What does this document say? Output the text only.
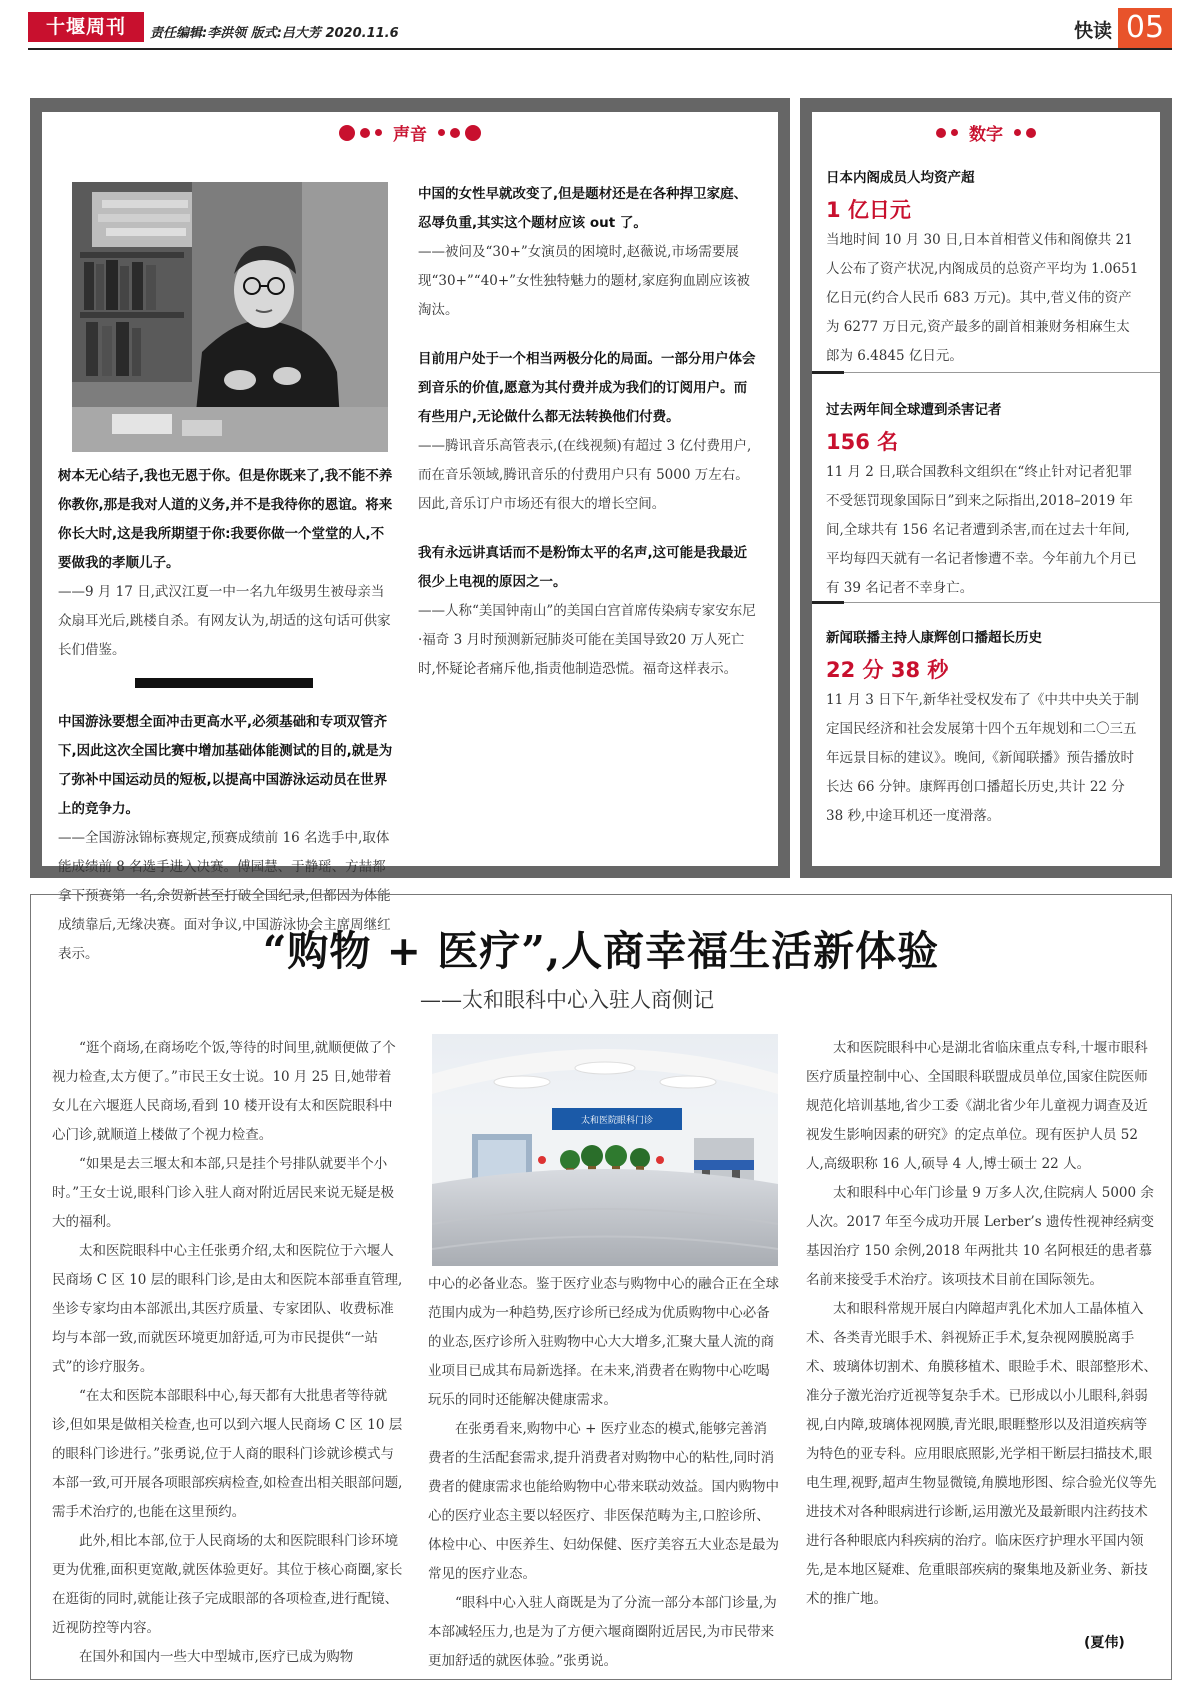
十堰周刊	责任编辑:李洪领 版式:吕大芳 2020.11.6	快读 05
声音

树本无心结子,我也无恩于你。但是你既来了,我不能不养你教你,那是我对人道的义务,并不是我待你的恩谊。将来你长大时,这是我所期望于你:我要你做一个堂堂的人,不要做我的孝顺儿子。

——9 月 17 日,武汉江夏一中一名九年级男生被母亲当众扇耳光后,跳楼自杀。有网友认为,胡适的这句话可供家长们借鉴。

中国游泳要想全面冲击更高水平,必须基础和专项双管齐下,因此这次全国比赛中增加基础体能测试的目的,就是为了弥补中国运动员的短板,以提高中国游泳运动员在世界上的竞争力。

——全国游泳锦标赛规定,预赛成绩前 16 名选手中,取体能成绩前 8 名选手进入决赛。傅园慧、于静瑶、方喆都拿下预赛第一名,余贺新甚至打破全国纪录,但都因为体能成绩靠后,无缘决赛。面对争议,中国游泳协会主席周继红表示。

中国的女性早就改变了,但是题材还是在各种捍卫家庭、忍辱负重,其实这个题材应该 out 了。

——被问及“30+”女演员的困境时,赵薇说,市场需要展现“30+”“40+”女性独特魅力的题材,家庭狗血剧应该被淘汰。

目前用户处于一个相当两极分化的局面。一部分用户体会到音乐的价值,愿意为其付费并成为我们的订阅用户。而有些用户,无论做什么都无法转换他们付费。

——腾讯音乐高管表示,(在线视频)有超过 3 亿付费用户,而在音乐领域,腾讯音乐的付费用户只有 5000 万左右。因此,音乐订户市场还有很大的增长空间。

我有永远讲真话而不是粉饰太平的名声,这可能是我最近很少上电视的原因之一。

——人称“美国钟南山”的美国白宫首席传染病专家安东尼·福奇 3 月时预测新冠肺炎可能在美国导致20 万人死亡时,怀疑论者痛斥他,指责他制造恐慌。福奇这样表示。

数字
日本内阁成员人均资产超
1 亿日元
当地时间 10 月 30 日,日本首相菅义伟和阁僚共 21 人公布了资产状况,内阁成员的总资产平均为 1.0651 亿日元(约合人民币 683 万元)。其中,菅义伟的资产为 6277 万日元,资产最多的副首相兼财务相麻生太郎为 6.4845 亿日元。
过去两年间全球遭到杀害记者
156 名
11 月 2 日,联合国教科文组织在“终止针对记者犯罪不受惩罚现象国际日”到来之际指出,2018–2019 年间,全球共有 156 名记者遭到杀害,而在过去十年间,平均每四天就有一名记者惨遭不幸。今年前九个月已有 39 名记者不幸身亡。
新闻联播主持人康辉创口播超长历史
22 分 38 秒
11 月 3 日下午,新华社受权发布了《中共中央关于制定国民经济和社会发展第十四个五年规划和二〇三五年远景目标的建议》。晚间,《新闻联播》预告播放时长达 66 分钟。康辉再创口播超长历史,共计 22 分 38 秒,中途耳机还一度滑落。
“购物 + 医疗”,人商幸福生活新体验
——太和眼科中心入驻人商侧记

“逛个商场,在商场吃个饭,等待的时间里,就顺便做了个视力检查,太方便了。”市民王女士说。10 月 25 日,她带着女儿在六堰逛人民商场,看到 10 楼开设有太和医院眼科中心门诊,就顺道上楼做了个视力检查。

“如果是去三堰太和本部,只是挂个号排队就要半个小时。”王女士说,眼科门诊入驻人商对附近居民来说无疑是极大的福利。

太和医院眼科中心主任张勇介绍,太和医院位于六堰人民商场 C 区 10 层的眼科门诊,是由太和医院本部垂直管理,坐诊专家均由本部派出,其医疗质量、专家团队、收费标准均与本部一致,而就医环境更加舒适,可为市民提供“一站式”的诊疗服务。

“在太和医院本部眼科中心,每天都有大批患者等待就诊,但如果是做相关检查,也可以到六堰人民商场 C 区 10 层的眼科门诊进行。”张勇说,位于人商的眼科门诊就诊模式与本部一致,可开展各项眼部疾病检查,如检查出相关眼部问题,需手术治疗的,也能在这里预约。

此外,相比本部,位于人民商场的太和医院眼科门诊环境更为优雅,面积更宽敞,就医体验更好。其位于核心商圈,家长在逛街的同时,就能让孩子完成眼部的各项检查,进行配镜、近视防控等内容。

在国外和国内一些大中型城市,医疗已成为购物

太和医院眼科门诊

中心的必备业态。鉴于医疗业态与购物中心的融合正在全球范围内成为一种趋势,医疗诊所已经成为优质购物中心必备的业态,医疗诊所入驻购物中心大大增多,汇聚大量人流的商业项目已成其布局新选择。在未来,消费者在购物中心吃喝玩乐的同时还能解决健康需求。

在张勇看来,购物中心 + 医疗业态的模式,能够完善消费者的生活配套需求,提升消费者对购物中心的粘性,同时消费者的健康需求也能给购物中心带来联动效益。国内购物中心的医疗业态主要以轻医疗、非医保范畴为主,口腔诊所、体检中心、中医养生、妇幼保健、医疗美容五大业态是最为常见的医疗业态。

“眼科中心入驻人商既是为了分流一部分本部门诊量,为本部减轻压力,也是为了方便六堰商圈附近居民,为市民带来更加舒适的就医体验。”张勇说。

太和医院眼科中心是湖北省临床重点专科,十堰市眼科医疗质量控制中心、全国眼科联盟成员单位,国家住院医师规范化培训基地,省少工委《湖北省少年儿童视力调查及近视发生影响因素的研究》的定点单位。现有医护人员 52 人,高级职称 16 人,硕导 4 人,博士硕士 22 人。

太和眼科中心年门诊量 9 万多人次,住院病人 5000 余人次。2017 年至今成功开展 Lerber’s 遗传性视神经病变基因治疗 150 余例,2018 年两批共 10 名阿根廷的患者慕名前来接受手术治疗。该项技术目前在国际领先。

太和眼科常规开展白内障超声乳化术加人工晶体植入术、各类青光眼手术、斜视矫正手术,复杂视网膜脱离手术、玻璃体切割术、角膜移植术、眼睑手术、眼部整形术、准分子激光治疗近视等复杂手术。已形成以小儿眼科,斜弱视,白内障,玻璃体视网膜,青光眼,眼睚整形以及泪道疾病等为特色的亚专科。应用眼底照影,光学相干断层扫描技术,眼电生理,视野,超声生物显微镜,角膜地形图、综合验光仪等先进技术对各种眼病进行诊断,运用激光及最新眼内注药技术进行各种眼底内科疾病的治疗。临床医疗护理水平国内领先,是本地区疑难、危重眼部疾病的聚集地及新业务、新技术的推广地。

(夏伟)
